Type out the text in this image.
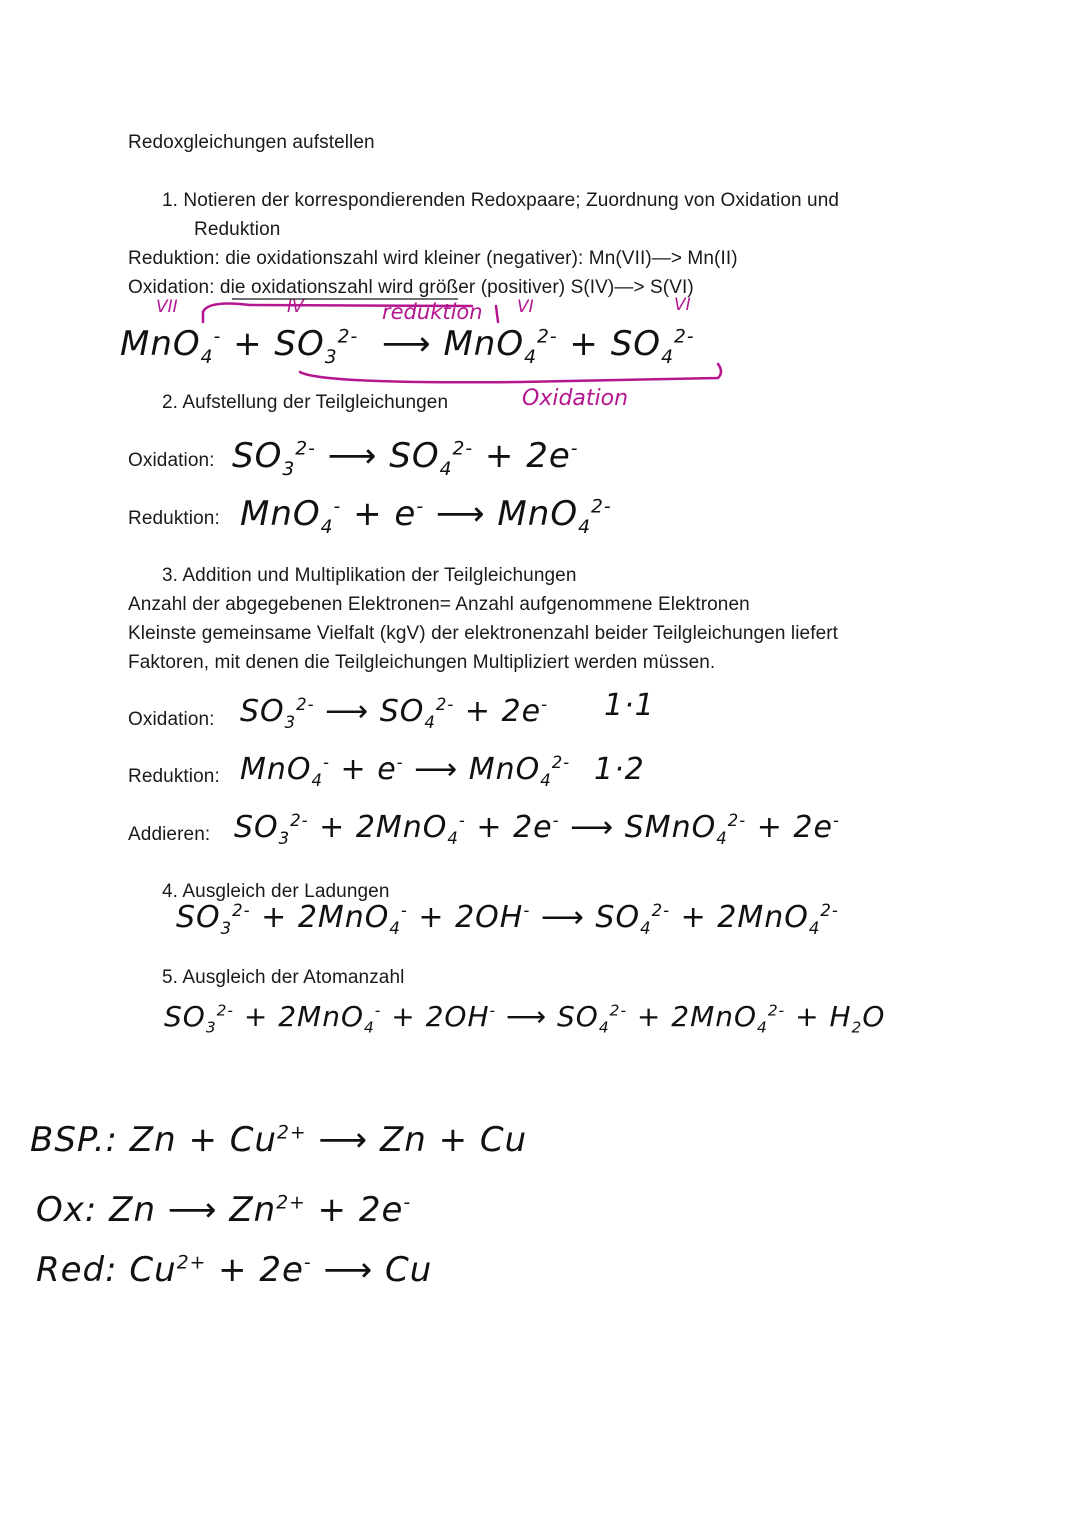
Redoxgleichungen aufstellen
1. Notieren der korrespondierenden Redoxpaare; Zuordnung von Oxidation und
Reduktion
Reduktion: die oxidationszahl wird kleiner (negativer): Mn(VII)—> Mn(II)
Oxidation: die oxidationszahl wird größer (positiver) S(IV)—> S(VI)
VII	IV	VI	VI
reduktion
$MnO_4^- + SO_3^{2-}$  ⟶ $MnO_4^{2-} + SO_4^{2-}$
Oxidation
2. Aufstellung der Teilgleichungen
Oxidation: $SO_3^{2-}$ ⟶ $SO_4^{2-} + 2e^-$
Reduktion: MnO$_4$- + e- ⟶ MnO$_4^{2-}$
3. Addition und Multiplikation der Teilgleichungen
Anzahl der abgegebenen Elektronen= Anzahl aufgenommene Elektronen
Kleinste gemeinsame Vielfalt (kgV) der elektronenzahl beider Teilgleichungen liefert
Faktoren, mit denen die Teilgleichungen Multipliziert werden müssen.
Oxidation: $SO_3^{2-}$ ⟶ $SO_4^{2-} + 2e^-$ 1·1
Reduktion: MnO$_4$- + e- ⟶ MnO$_4^{2-}$ 1·2
Addieren: $SO_3^{2-} + 2MnO_4^- + 2e^-$ ⟶ SMnO$_4^{2-}$ + 2e-
4. Ausgleich der Ladungen
$SO_3^{2-} + 2MnO_4^- + 2OH^-$ ⟶ $SO_4^{2-} + 2MnO_4^{2-}$
5. Ausgleich der Atomanzahl
$SO_3^{2-} + 2MnO_4^- + 2OH^-$ ⟶ $SO_4^{2-} + 2MnO_4^{2-} + H_2O$
BSP.: $Zn + Cu^{2+}$ ⟶ Zn + Cu
Ox: Zn ⟶ $Zn^{2+} + 2e^-$
Red: $Cu^{2+} + 2e^-$ ⟶ Cu
